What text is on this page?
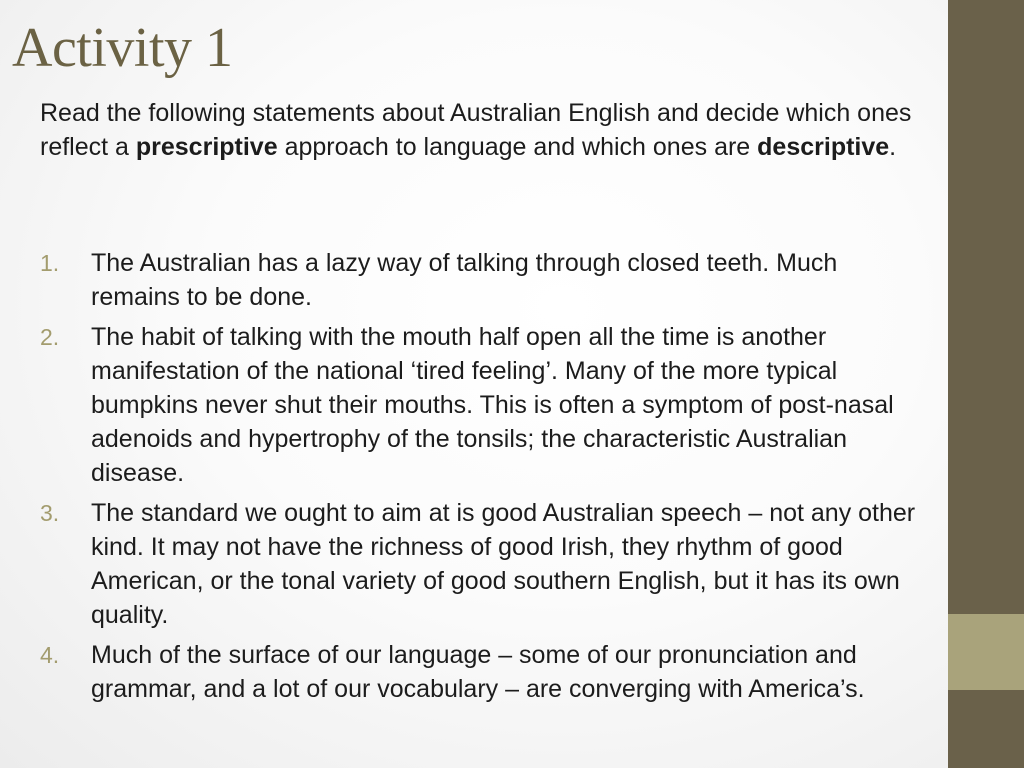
Activity 1

Read the following statements about Australian English and decide which ones reflect a prescriptive approach to language and which ones are descriptive.

1.	The Australian has a lazy way of talking through closed teeth. Much remains to be done.
2.	The habit of talking with the mouth half open all the time is another manifestation of the national ‘tired feeling’. Many of the more typical bumpkins never shut their mouths. This is often a symptom of post-nasal adenoids and hypertrophy of the tonsils; the characteristic Australian disease.
3.	The standard we ought to aim at is good Australian speech – not any other kind. It may not have the richness of good Irish, they rhythm of good American, or the tonal variety of good southern English, but it has its own quality.
4.	Much of the surface of our language – some of our pronunciation and grammar, and a lot of our vocabulary – are converging with America’s.
